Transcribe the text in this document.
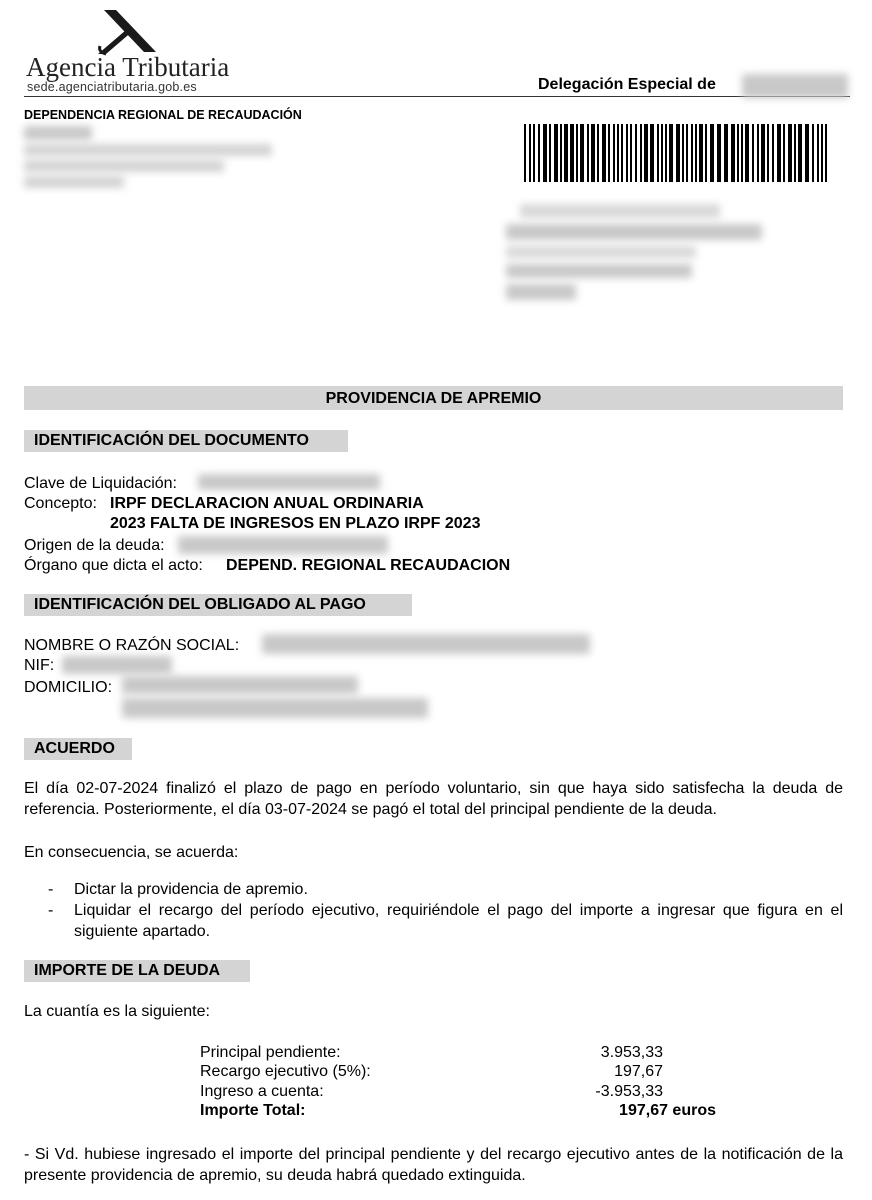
Agencia Tributaria
sede.agenciatributaria.gob.es	Delegación Especial de
DEPENDENCIA REGIONAL DE RECAUDACIÓN
PROVIDENCIA DE APREMIO
IDENTIFICACIÓN DEL DOCUMENTO
Clave de Liquidación:
Concepto: IRPF DECLARACION ANUAL ORDINARIA
2023 FALTA DE INGRESOS EN PLAZO IRPF 2023
Origen de la deuda:
Órgano que dicta el acto: DEPEND. REGIONAL RECAUDACION
IDENTIFICACIÓN DEL OBLIGADO AL PAGO
NOMBRE O RAZÓN SOCIAL:
NIF:
DOMICILIO:
ACUERDO
El día 02-07-2024 finalizó el plazo de pago en período voluntario, sin que haya sido satisfecha la deuda de referencia. Posteriormente, el día 03-07-2024 se pagó el total del principal pendiente de la deuda.
En consecuencia, se acuerda:
-	Dictar la providencia de apremio.
-	Liquidar el recargo del período ejecutivo, requiriéndole el pago del importe a ingresar que figura en el siguiente apartado.
IMPORTE DE LA DEUDA
La cuantía es la siguiente:
Principal pendiente:	3.953,33
Recargo ejecutivo (5%):	197,67
Ingreso a cuenta:	-3.953,33
Importe Total:	197,67 euros
- Si Vd. hubiese ingresado el importe del principal pendiente y del recargo ejecutivo antes de la notificación de la presente providencia de apremio, su deuda habrá quedado extinguida.
